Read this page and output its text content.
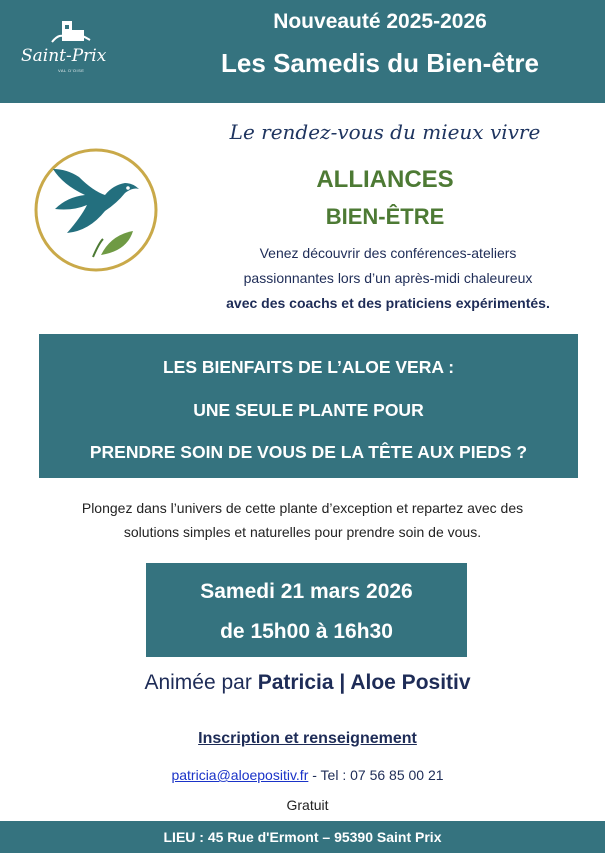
Saint-Prix
VAL D'OISE
Nouveauté 2025-2026
Les Samedis du Bien-être
Le rendez-vous du mieux vivre
ALLIANCES
BIEN-ÊTRE
Venez découvrir des conférences-ateliers
passionnantes lors d’un après-midi chaleureux
avec des coachs et des praticiens expérimentés.
LES BIENFAITS DE L’ALOE VERA :
UNE SEULE PLANTE POUR
PRENDRE SOIN DE VOUS DE LA TÊTE AUX PIEDS ?
Plongez dans l’univers de cette plante d’exception et repartez avec des
solutions simples et naturelles pour prendre soin de vous.
Samedi 21 mars 2026
de 15h00 à 16h30
Animée par Patricia | Aloe Positiv
Inscription et renseignement
patricia@aloepositiv.fr - Tel : 07 56 85 00 21
Gratuit
LIEU : 45 Rue d'Ermont – 95390 Saint Prix
